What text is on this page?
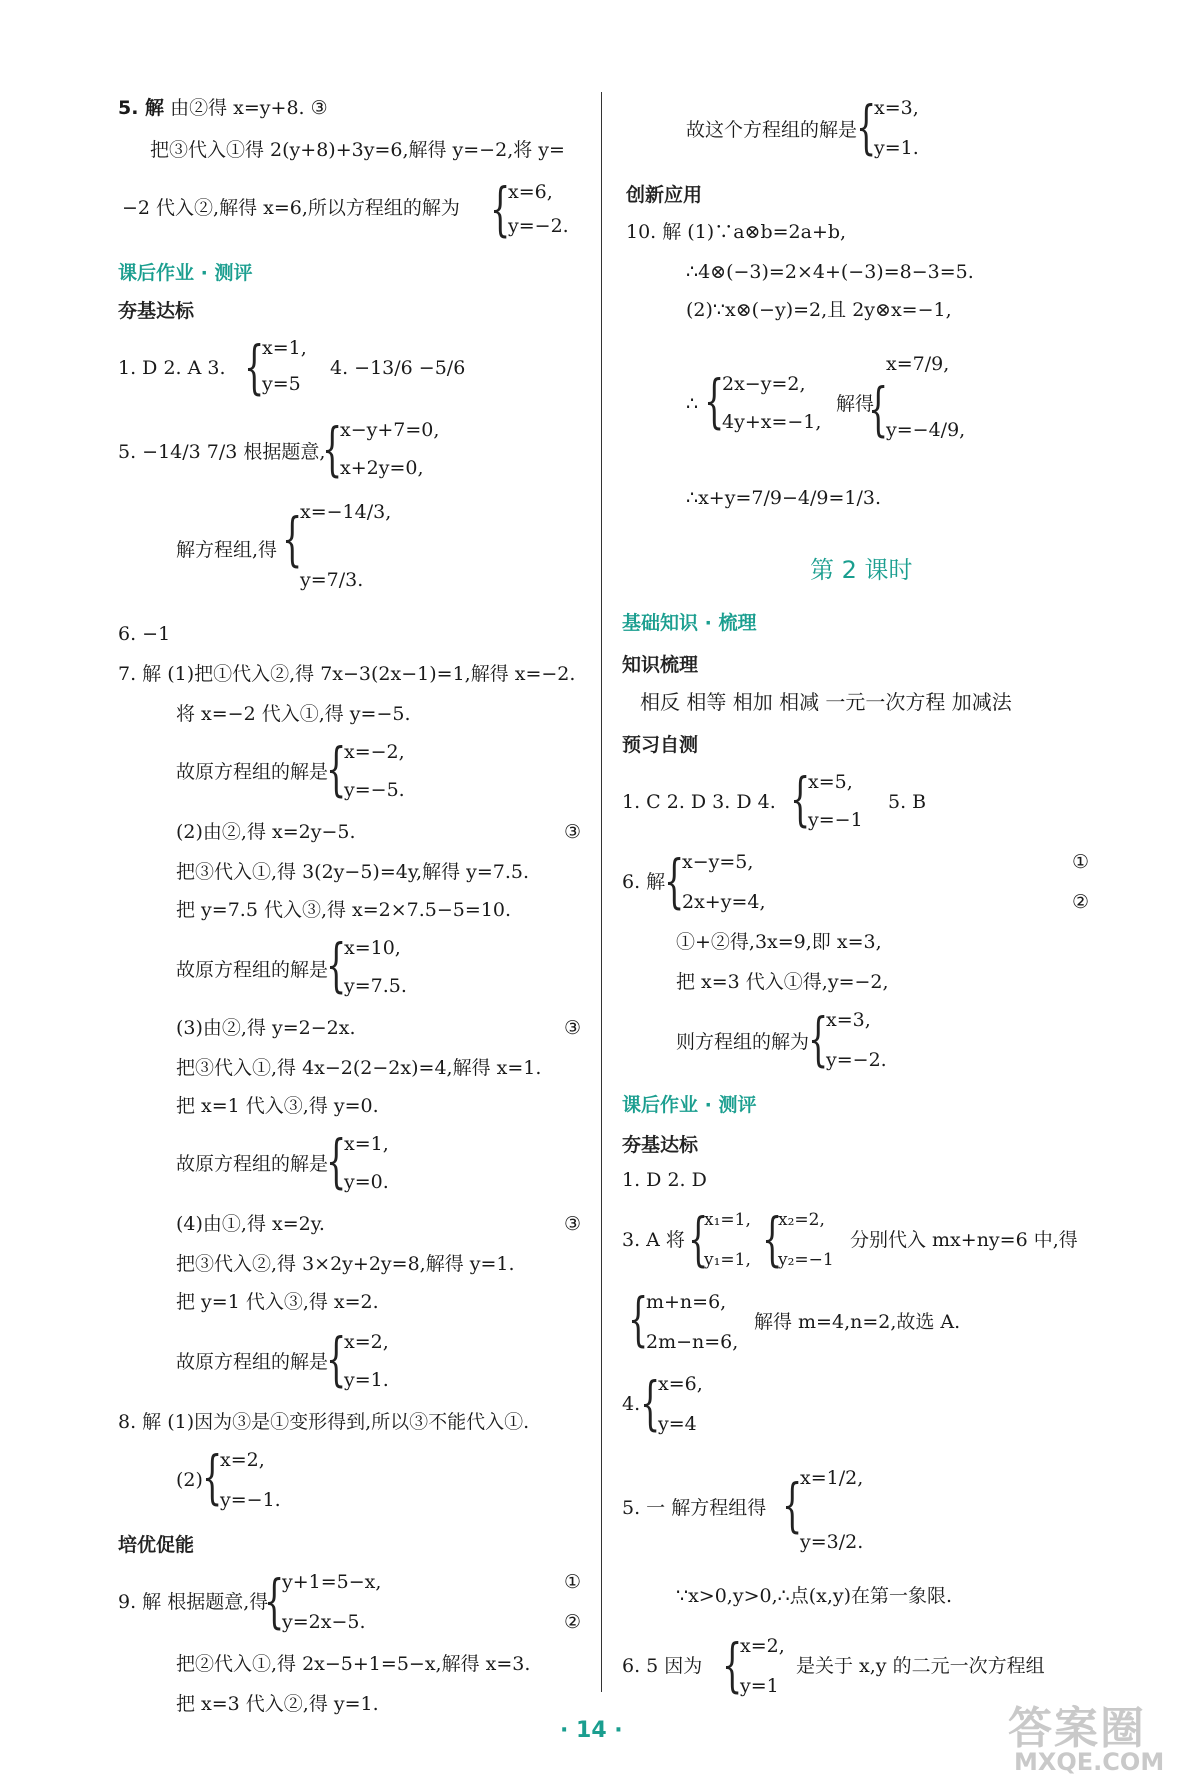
5. 解 由②得 x=y+8. ③
把③代入①得 2(y+8)+3y=6,解得 y=−2,将 y=
−2 代入②,解得 x=6,所以方程组的解为 {
x=6,
y=−2.
课后作业 · 测评
夯基达标
1. D 2. A 3. {
x=1,
y=5
4. −13/6 −5/6
5. −14/3 7/3 根据题意,
{
x−y+7=0,
x+2y=0,
解方程组,得 {
x=−14/3,
y=7/3.
6. −1
7. 解 (1)把①代入②,得 7x−3(2x−1)=1,解得 x=−2.
将 x=−2 代入①,得 y=−5.
故原方程组的解是
{
x=−2,
y=−5.
(2)由②,得 x=2y−5.	③
把③代入①,得 3(2y−5)=4y,解得 y=7.5.
把 y=7.5 代入③,得 x=2×7.5−5=10.
故原方程组的解是
{
x=10,
y=7.5.
(3)由②,得 y=2−2x.	③
把③代入①,得 4x−2(2−2x)=4,解得 x=1.
把 x=1 代入③,得 y=0.
故原方程组的解是
{
x=1,
y=0.
(4)由①,得 x=2y.	③
把③代入②,得 3×2y+2y=8,解得 y=1.
把 y=1 代入③,得 x=2.
故原方程组的解是
{
x=2,
y=1.
8. 解 (1)因为③是①变形得到,所以③不能代入①.
(2) {
x=2,
y=−1.
培优促能
9. 解 根据题意,得
{
y+1=5−x,
y=2x−5.
①
②
把②代入①,得 2x−5+1=5−x,解得 x=3.
把 x=3 代入②,得 y=1.
故这个方程组的解是
{
x=3,
y=1.
创新应用
10. 解 (1)∵a⊗b=2a+b,
∴4⊗(−3)=2×4+(−3)=8−3=5.
(2)∵x⊗(−y)=2,且 2y⊗x=−1,
∴ {
2x−y=2,
4y+x=−1,
解得
{
x=7/9,
y=−4/9,
∴x+y=7/9−4/9=1/3.
第 2 课时
基础知识 · 梳理
知识梳理
相反 相等 相加 相减 一元一次方程 加减法
预习自测
1. C 2. D 3. D 4. {
x=5,
y=−1
5. B
6. 解
{
x−y=5,
2x+y=4,
①
②
①+②得,3x=9,即 x=3,
把 x=3 代入①得,y=−2,
则方程组的解为
{
x=3,
y=−2.
课后作业 · 测评
夯基达标
1. D 2. D
3. A 将 {
x₁=1,
y₁=1, {
x₂=2,
y₂=−1
分别代入 mx+ny=6 中,得
{
m+n=6,
2m−n=6,
解得 m=4,n=2,故选 A.
4. {
x=6,
y=4
5. 一 解方程组得 {
x=1/2,
y=3/2.
∵x>0,y>0,∴点(x,y)在第一象限.
6. 5 因为 {
x=2,
y=1
是关于 x,y 的二元一次方程组
· 14 ·	答案圈
MXQE.COM
